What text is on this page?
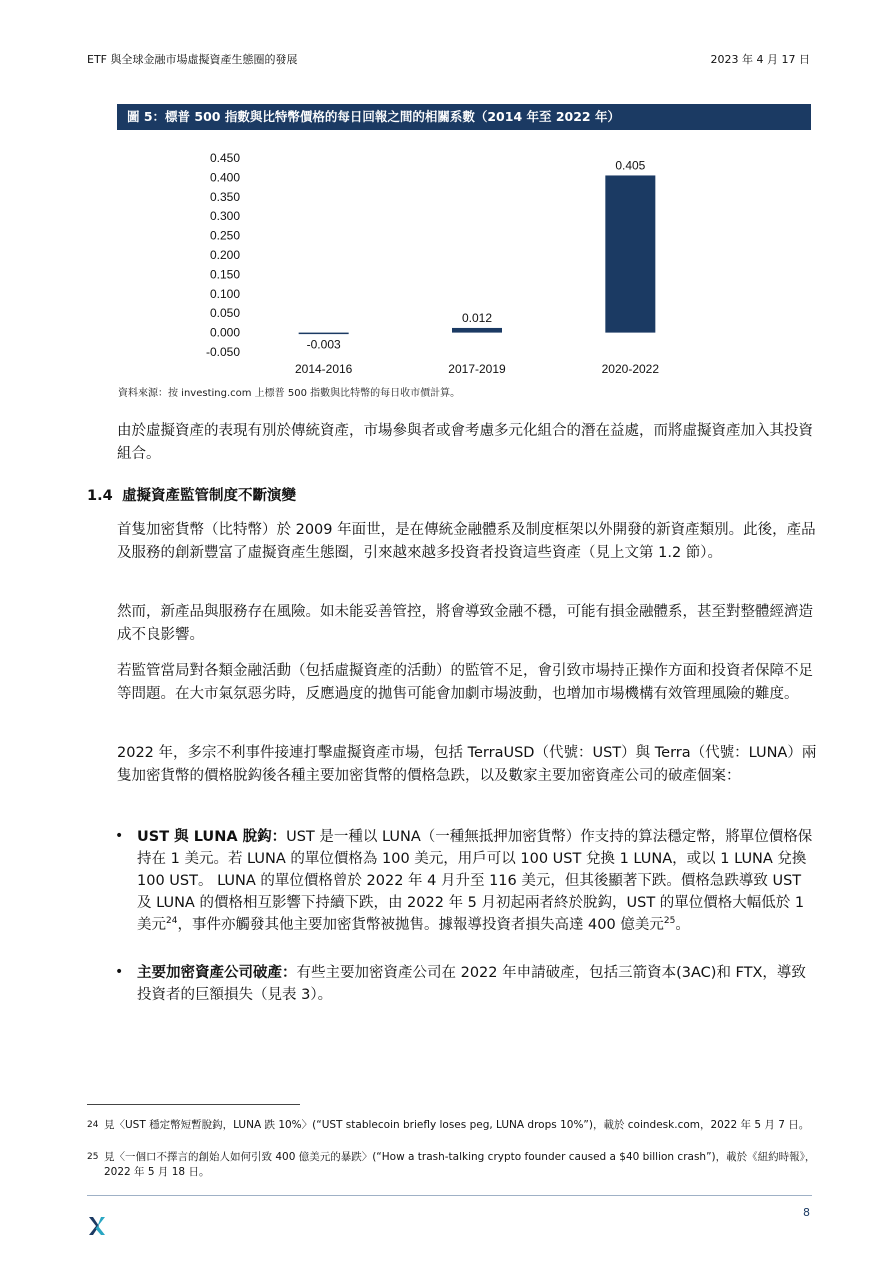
ETF 與全球金融市場虛擬資產生態圈的發展	2023 年 4 月 17 日
圖 5：標普 500 指數與比特幣價格的每日回報之間的相關系數（2014 年至 2022 年）
0.450
0.400
0.350
0.300
0.250
0.200
0.150
0.100
0.050
0.000
-0.050
-0.003
2014-2016
0.012
2017-2019
0.405
2020-2022
資料來源：按 investing.com 上標普 500 指數與比特幣的每日收市價計算。

由於虛擬資產的表現有別於傳統資產，市場參與者或會考慮多元化組合的潛在益處，而將虛擬資產加入其投資組合。

1.4 虛擬資產監管制度不斷演變

首隻加密貨幣（比特幣）於 2009 年面世，是在傳統金融體系及制度框架以外開發的新資產類別。此後，產品及服務的創新豐富了虛擬資產生態圈，引來越來越多投資者投資這些資產（見上文第 1.2 節）。

然而，新產品與服務存在風險。如未能妥善管控，將會導致金融不穩，可能有損金融體系，甚至對整體經濟造成不良影響。

若監管當局對各類金融活動（包括虛擬資產的活動）的監管不足，會引致市場持正操作方面和投資者保障不足等問題。在大市氣氛惡劣時，反應過度的拋售可能會加劇市場波動，也增加市場機構有效管理風險的難度。

2022 年，多宗不利事件接連打擊虛擬資產市場，包括 TerraUSD（代號：UST）與 Terra（代號：LUNA）兩隻加密貨幣的價格脫鈎後各種主要加密貨幣的價格急跌，以及數家主要加密資產公司的破產個案：

• UST 與 LUNA 脫鈎：UST 是一種以 LUNA（一種無抵押加密貨幣）作支持的算法穩定幣，將單位價格保持在 1 美元。若 LUNA 的單位價格為 100 美元，用戶可以 100 UST 兌換 1 LUNA，或以 1 LUNA 兌換 100 UST。 LUNA 的單位價格曾於 2022 年 4 月升至 116 美元，但其後顯著下跌。價格急跌導致 UST 及 LUNA 的價格相互影響下持續下跌，由 2022 年 5 月初起兩者終於脫鈎，UST 的單位價格大幅低於 1 美元$^{24}$，事件亦觸發其他主要加密貨幣被拋售。據報導投資者損失高達 400 億美元$^{25}$。

• 主要加密資產公司破產：有些主要加密資產公司在 2022 年申請破產，包括三箭資本(3AC)和 FTX，導致投資者的巨額損失（見表 3）。

24 見〈UST 穩定幣短暫脫鈎，LUNA 跌 10%〉(“UST stablecoin briefly loses peg, LUNA drops 10%”)，載於 coindesk.com，2022 年 5 月 7 日。
25 見〈一個口不擇言的創始人如何引致 400 億美元的暴跌〉(“How a trash-talking crypto founder caused a $40 billion crash”)，載於《紐約時報》，2022 年 5 月 18 日。
8
